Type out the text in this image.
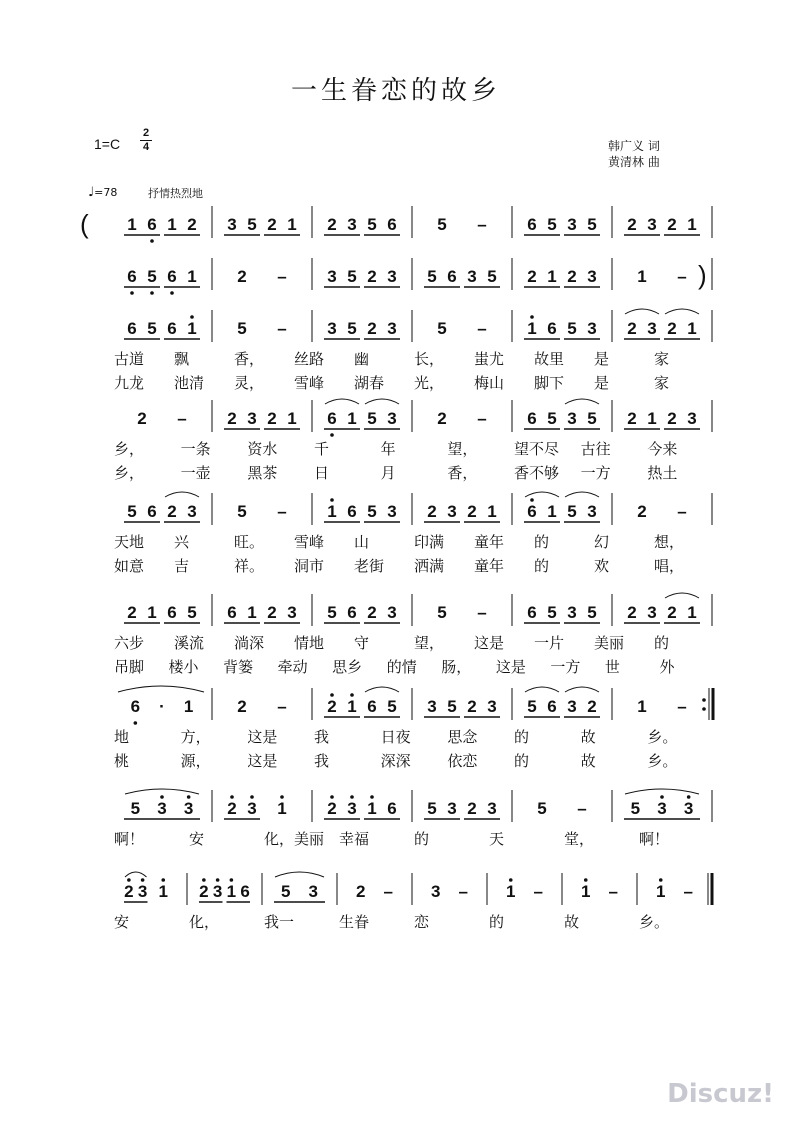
一生眷恋的故乡
1=C
2
4	韩广义 词
黄清林 曲
♩=78	抒情热烈地
( 1 6 1 2 3 5 2 1 2 3 5 6 5 – 6 5 3 5 2 3 2 1
6 5 6 1 2 – 3 5 2 3 5 6 3 5 2 1 2 3 1 – )
6 5 6 1 5 – 3 5 2 3 5 – 1 6 5 3 2 3 2 1
古道 飘	香， 丝路 幽	长， 蚩尤 故里 是	家
九龙 池清 灵， 雪峰 湖春 光， 梅山 脚下 是	家
2 – 2 3 2 1 6 1 5 3 2 – 6 5 3 5 2 1 2 3
乡， 一条 资水 千	年	望， 望不尽 古往 今来
乡， 一壶 黑茶 日	月	香， 香不够 一方 热土
5 6 2 3 5 – 1 6 5 3 2 3 2 1 6 1 5 3 2 –
天地 兴	旺。 雪峰 山	印满 童年 的	幻	想，
如意 吉	祥。 洞市 老街 洒满 童年 的	欢	唱，
2 1 6 5 6 1 2 3 5 6 2 3 5 – 6 5 3 5 2 3 2 1
六步 溪流 淌深 情地 守	望， 这是 一片 美丽 的
吊脚 楼小 背篓 牵动 思乡 的情 肠， 这是 一方 世	外
6 · 1	2 – 2 1 6 5 3 5 2 3 5 6 3 2 1 –
地	方， 这是 我	日夜 思念 的	故	乡。
桃	源， 这是 我	深深 依恋 的	故	乡。
5 3 3 2 3 1 2 3 1 6 5 3 2 3 5 –	5 3 3
啊！	安	化，美丽 幸福	的	天	堂，	啊！
2 3 1 2 3 1 6 5 3 2 – 3 – 1 – 1 – 1 –
安	化，	我一	生眷	恋	的	故	乡。
Discuz!
